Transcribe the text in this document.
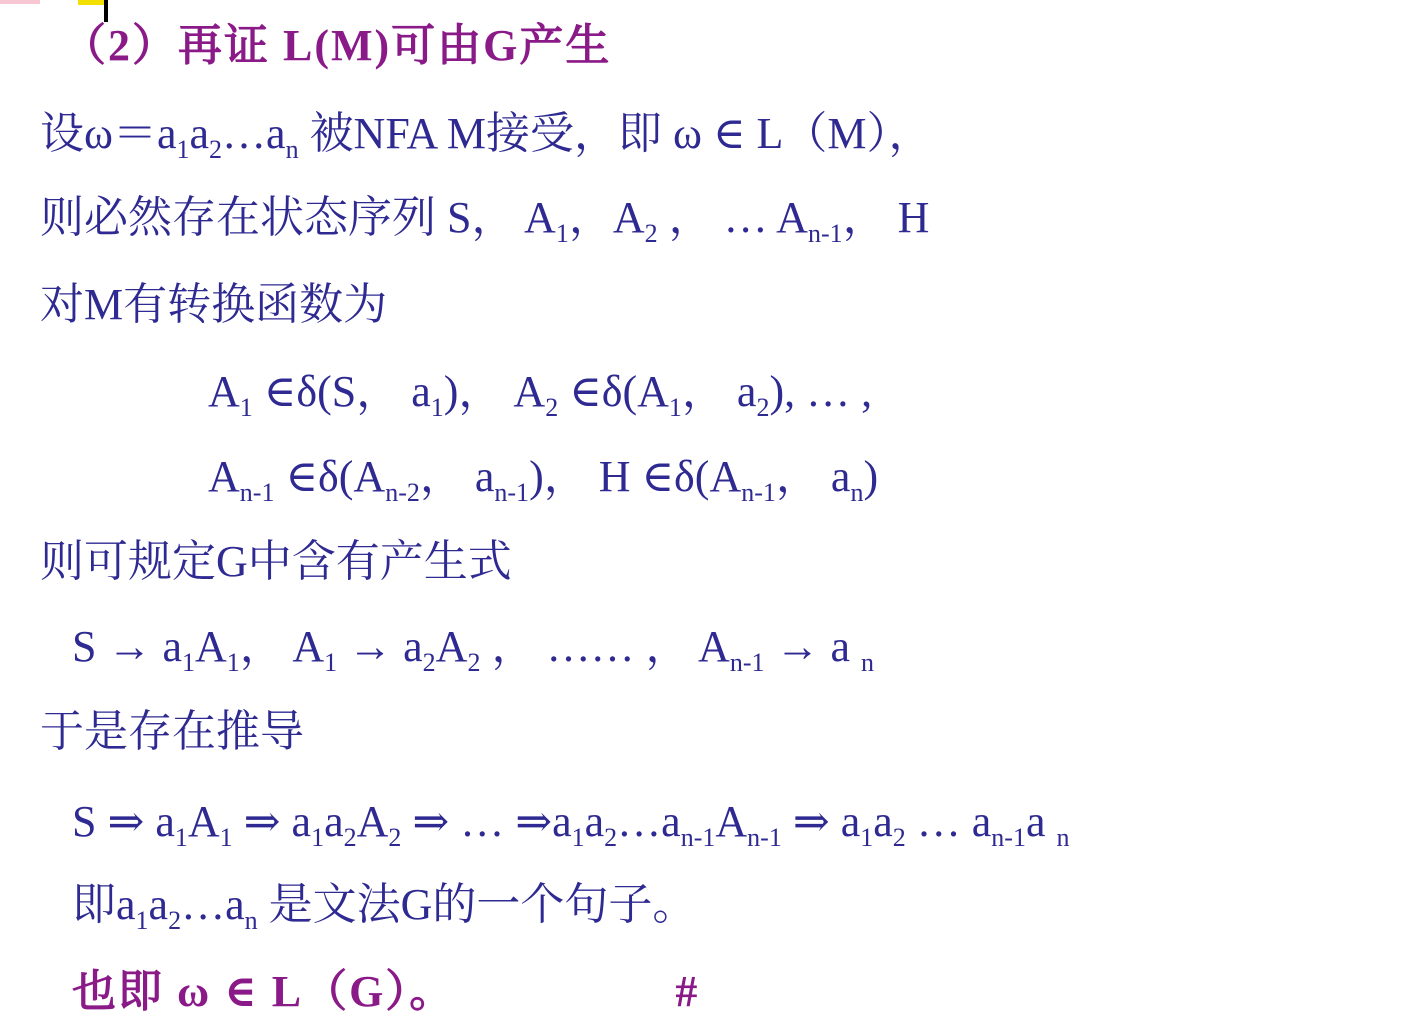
（2）再证 L(M)可由G产生
设$\omega=a_1a_2\dots a_n$ 被NFA M接受，即 ω ∈ L（M），
则必然存在状态序列 S， $A_1$，$A_2$ ， … $A_{n-1}$， H
对M有转换函数为
$A_1$ ∈δ(S， $a_1$)， $A_2$ $\in\delta(A_1$， $a_2$), … ,
$A_{n-1}$ $\in\delta(A_{n-2}$， $a_{n-1}$)， H $\in\delta(A_{n-1}$， $a_n$)
则可规定G中含有产生式
$S \to a_1A_1$， $A_1 \to a_2A_2$ ， …… ， $A_{n-1} \to a$ $_n$
于是存在推导
S ⇒ $a_1A_1$ ⇒ $a_1a_2A_2$ ⇒ … $\Rightarrow a_1a_2\dots a_{n-1}A_{n-1}$ ⇒ $a_1a_2$ … $a_{n-1}a$ $_n$
即$a_1a_2\dots a_n$ 是文法G的一个句子。
也即 ω ∈ L（G）。	#
